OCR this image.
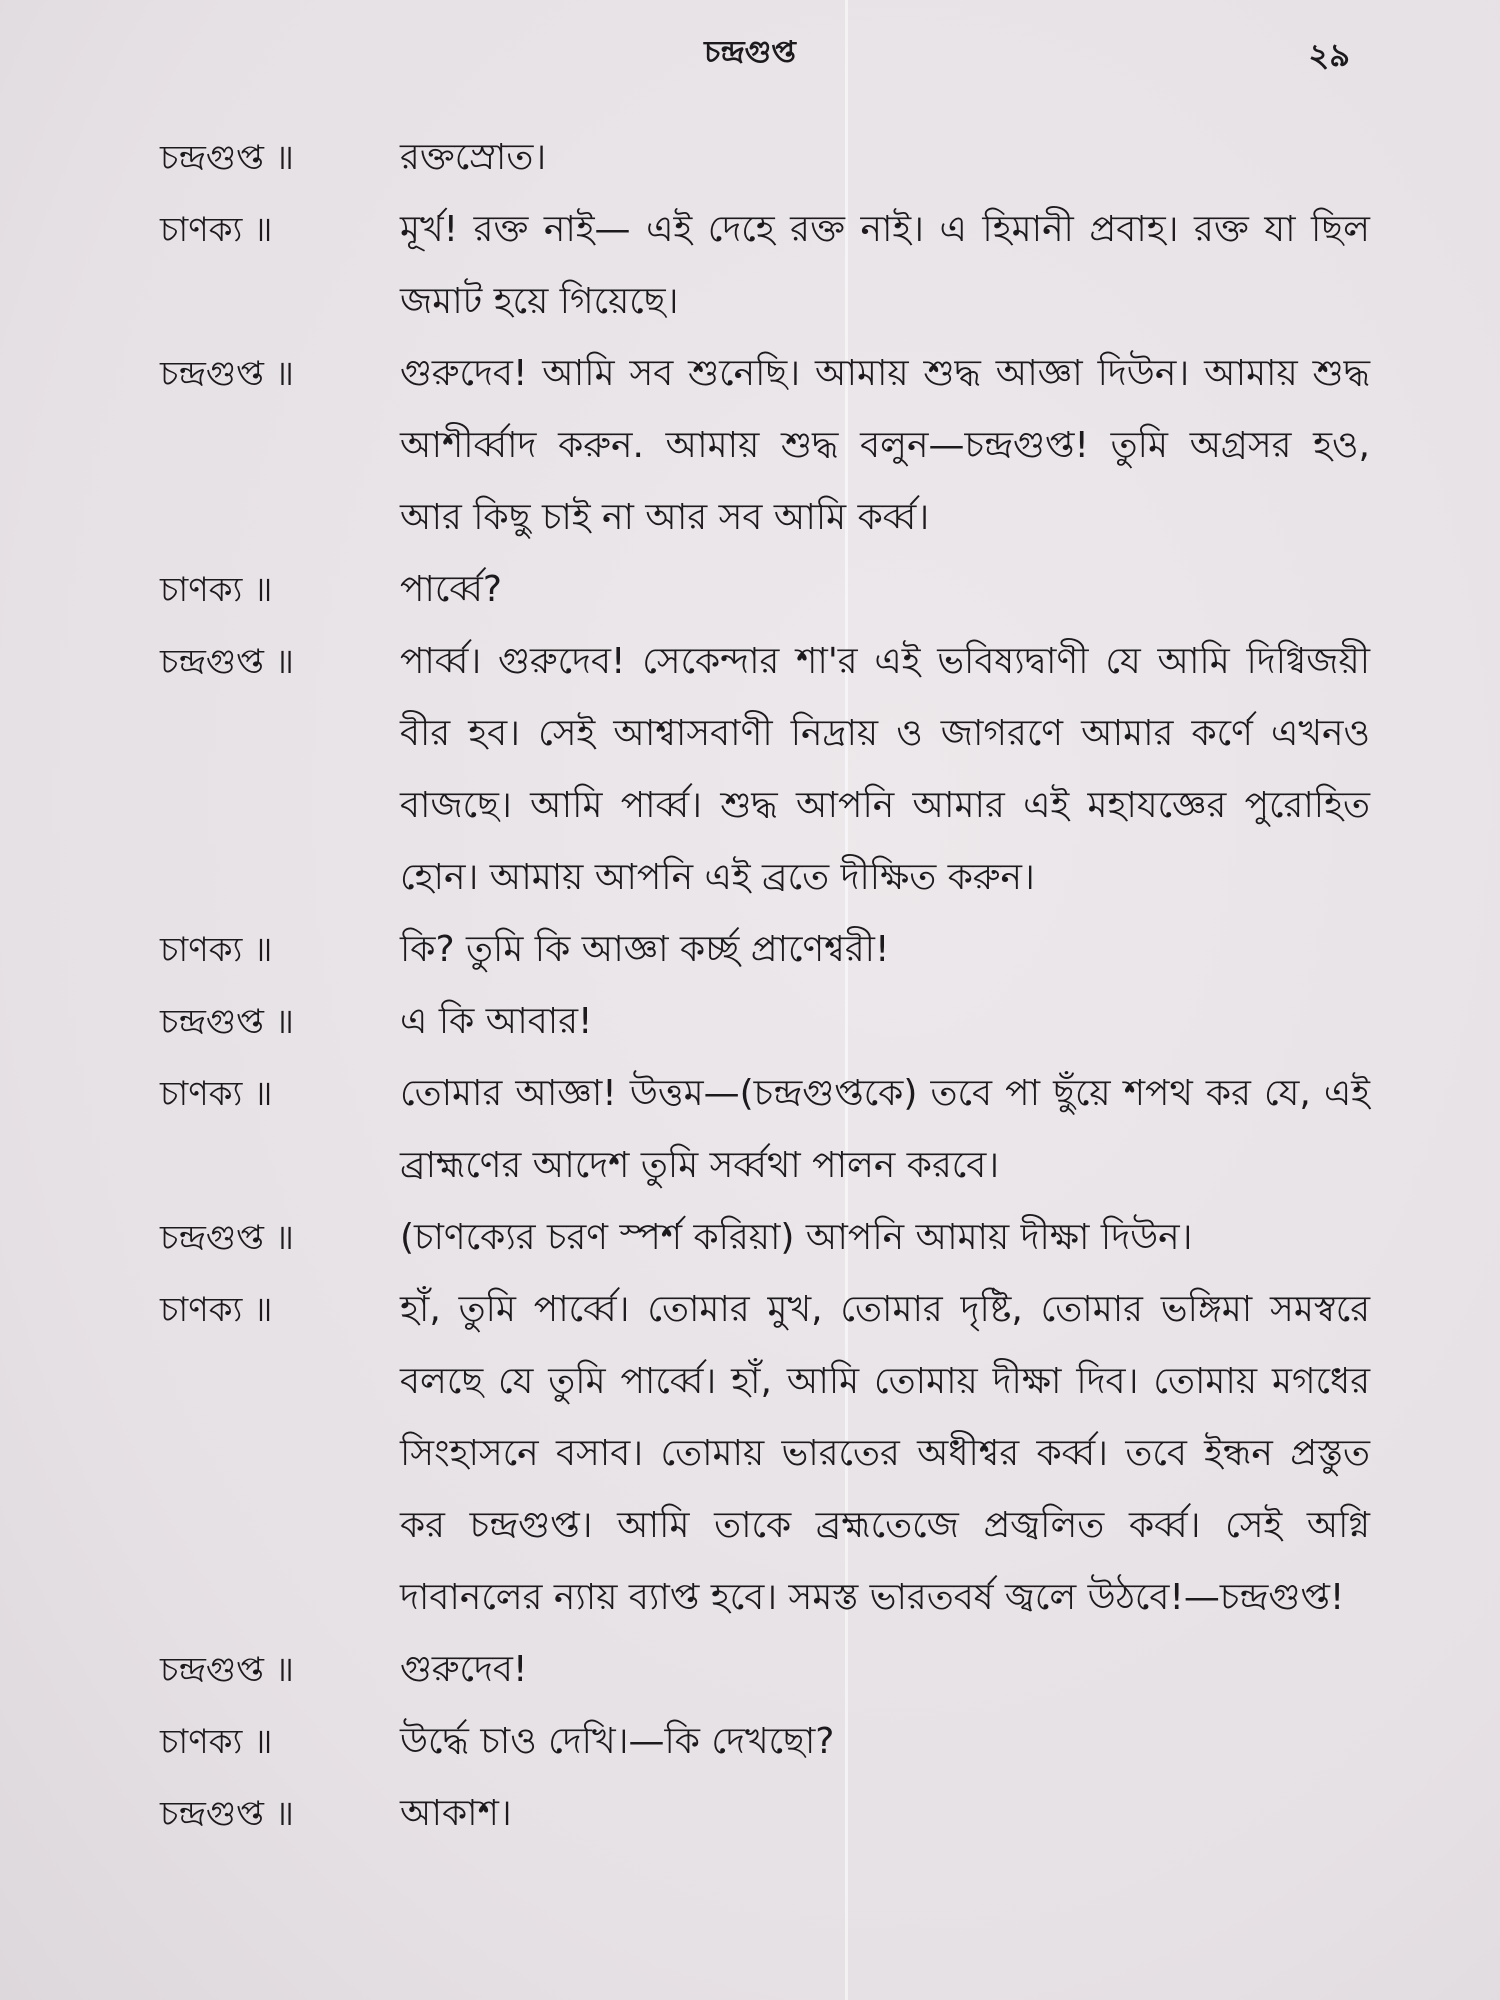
চন্দ্রগুপ্ত	২৯
চন্দ্রগুপ্ত ॥	রক্তস্রোত।
চাণক্য ॥	মূর্খ! রক্ত নাই— এই দেহে রক্ত নাই। এ হিমানী প্রবাহ। রক্ত যা ছিল জমাট হয়ে গিয়েছে।
চন্দ্রগুপ্ত ॥	গুরুদেব! আমি সব শুনেছি। আমায় শুদ্ধ আজ্ঞা দিউন। আমায় শুদ্ধ আশীর্ব্বাদ করুন. আমায় শুদ্ধ বলুন—চন্দ্রগুপ্ত! তুমি অগ্রসর হও, আর কিছু চাই না আর সব আমি কর্ব্ব।
চাণক্য ॥	পার্ব্বে?
চন্দ্রগুপ্ত ॥	পার্ব্ব। গুরুদেব! সেকেন্দার শা'র এই ভবিষ্যদ্বাণী যে আমি দিগ্বিজয়ী বীর হব। সেই আশ্বাসবাণী নিদ্রায় ও জাগরণে আমার কর্ণে এখনও বাজছে। আমি পার্ব্ব। শুদ্ধ আপনি আমার এই মহাযজ্ঞের পুরোহিত হোন। আমায় আপনি এই ব্রতে দীক্ষিত করুন।
চাণক্য ॥	কি? তুমি কি আজ্ঞা কর্চ্ছ প্রাণেশ্বরী!
চন্দ্রগুপ্ত ॥	এ কি আবার!
চাণক্য ॥	তোমার আজ্ঞা! উত্তম—(চন্দ্রগুপ্তকে) তবে পা ছুঁয়ে শপথ কর যে, এই ব্রাহ্মণের আদেশ তুমি সর্ব্বথা পালন করবে।
চন্দ্রগুপ্ত ॥	(চাণক্যের চরণ স্পর্শ করিয়া) আপনি আমায় দীক্ষা দিউন।
চাণক্য ॥	হাঁ, তুমি পার্ব্বে। তোমার মুখ, তোমার দৃষ্টি, তোমার ভঙ্গিমা সমস্বরে বলছে যে তুমি পার্ব্বে। হাঁ, আমি তোমায় দীক্ষা দিব। তোমায় মগধের সিংহাসনে বসাব। তোমায় ভারতের অধীশ্বর কর্ব্ব। তবে ইন্ধন প্রস্তুত কর চন্দ্রগুপ্ত। আমি তাকে ব্রহ্মতেজে প্রজ্বলিত কর্ব্ব। সেই অগ্নি দাবানলের ন্যায় ব্যাপ্ত হবে। সমস্ত ভারতবর্ষ জ্বলে উঠবে!—চন্দ্রগুপ্ত!
চন্দ্রগুপ্ত ॥	গুরুদেব!
চাণক্য ॥	উর্দ্ধে চাও দেখি।—কি দেখছো?
চন্দ্রগুপ্ত ॥	আকাশ।
